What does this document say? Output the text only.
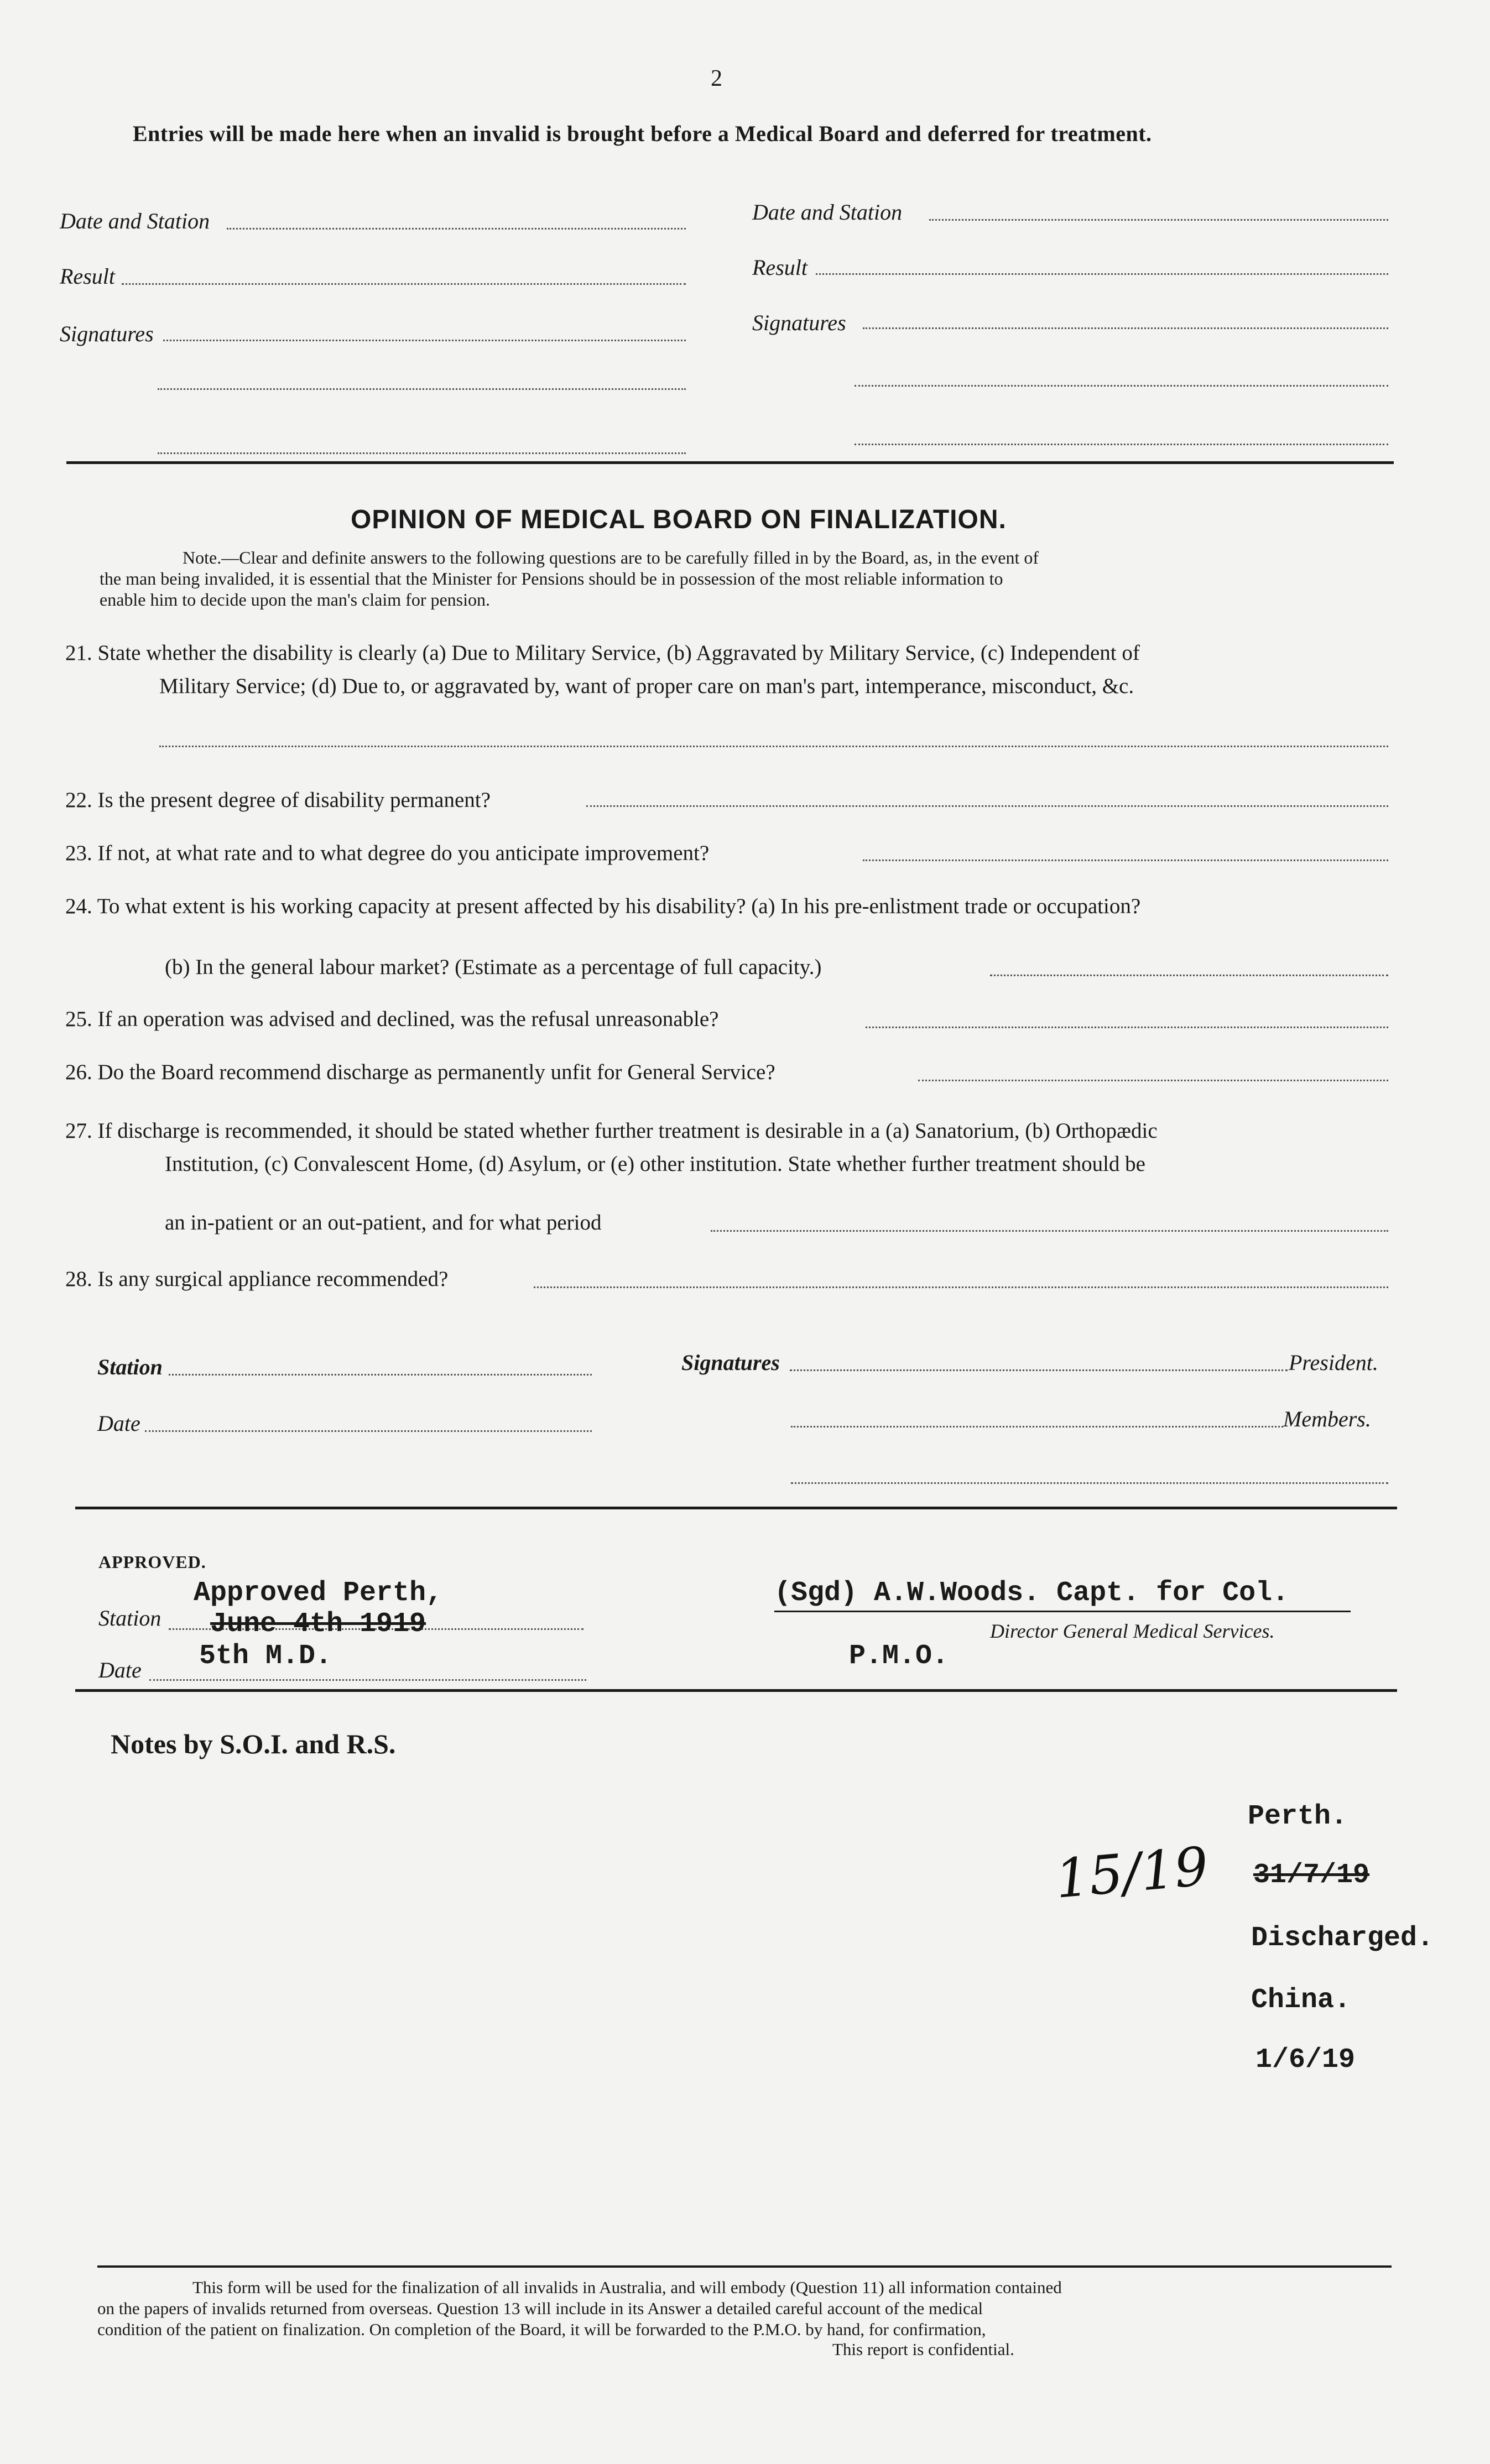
2
Entries will be made here when an invalid is brought before a Medical Board and deferred for treatment.
Date and Station
Result
Signatures
Date and Station
Result
Signatures
OPINION OF MEDICAL BOARD ON FINALIZATION.
Note.—Clear and definite answers to the following questions are to be carefully filled in by the Board, as, in the event of
the man being invalided, it is essential that the Minister for Pensions should be in possession of the most reliable information to
enable him to decide upon the man's claim for pension.
21. State whether the disability is clearly (a) Due to Military Service, (b) Aggravated by Military Service, (c) Independent of
Military Service; (d) Due to, or aggravated by, want of proper care on man's part, intemperance, misconduct, &c.
22. Is the present degree of disability permanent?
23. If not, at what rate and to what degree do you anticipate improvement?
24. To what extent is his working capacity at present affected by his disability? (a) In his pre-enlistment trade or occupation?
(b) In the general labour market? (Estimate as a percentage of full capacity.)
25. If an operation was advised and declined, was the refusal unreasonable?
26. Do the Board recommend discharge as permanently unfit for General Service?
27. If discharge is recommended, it should be stated whether further treatment is desirable in a (a) Sanatorium, (b) Orthopædic
Institution, (c) Convalescent Home, (d) Asylum, or (e) other institution. State whether further treatment should be
an in-patient or an out-patient, and for what period
28. Is any surgical appliance recommended?
Station
Date
Signatures	President.
Members.
APPROVED.
Approved Perth,
Station June 4th 1919
Date 5th M.D.
(Sgd) A.W.Woods. Capt. for Col.
Director General Medical Services.
P.M.O.
Notes by S.O.I. and R.S.
Perth.
15/19 31/7/19
Discharged.
China.
1/6/19
This form will be used for the finalization of all invalids in Australia, and will embody (Question 11) all information contained
on the papers of invalids returned from overseas. Question 13 will include in its Answer a detailed careful account of the medical
condition of the patient on finalization. On completion of the Board, it will be forwarded to the P.M.O. by hand, for confirmation,
This report is confidential.
